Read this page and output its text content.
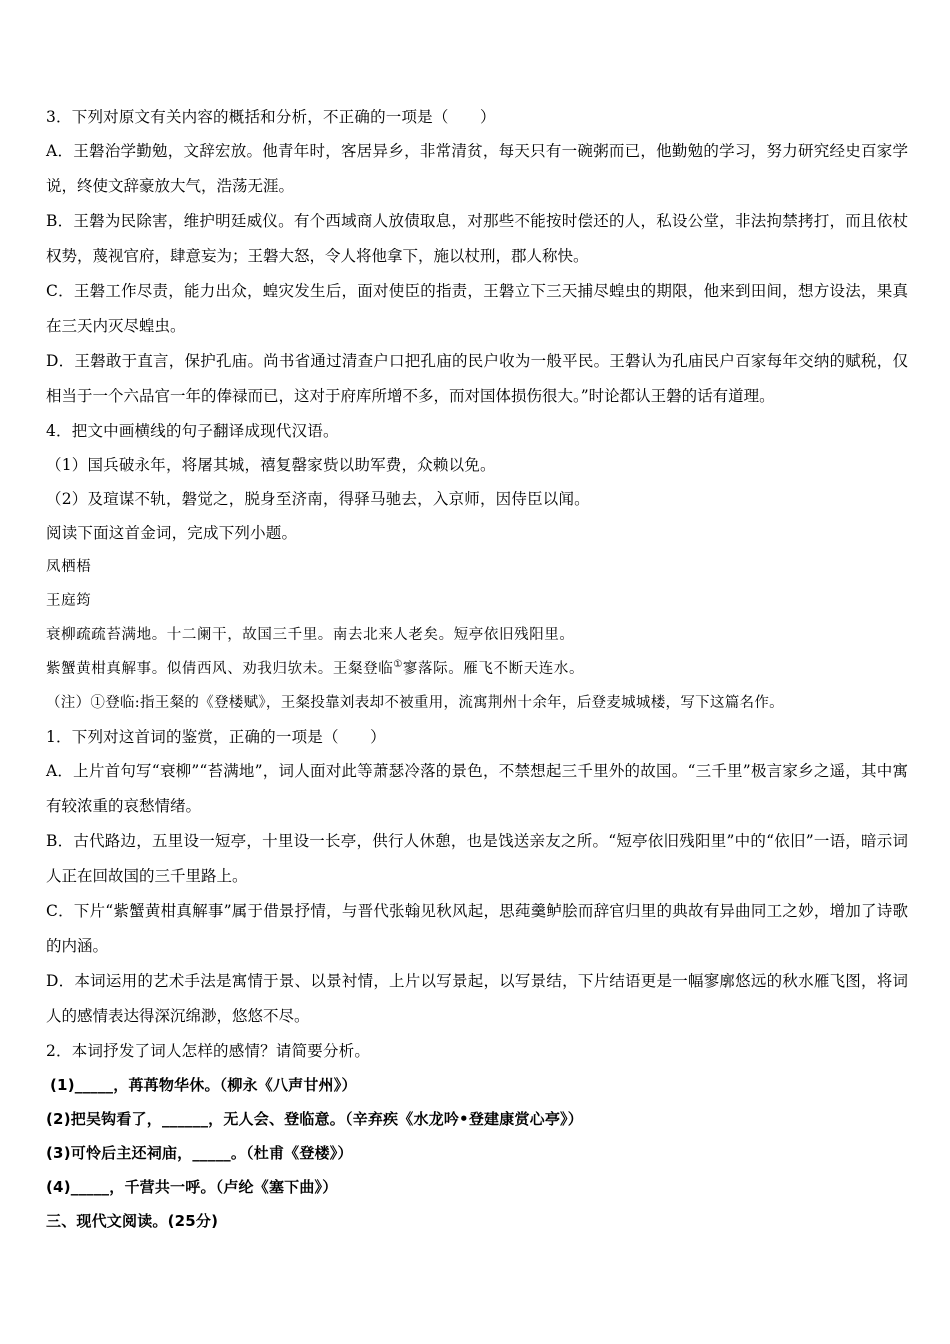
3．下列对原文有关内容的概括和分析，不正确的一项是（　　）
A．王磐治学勤勉，文辞宏放。他青年时，客居异乡，非常清贫，每天只有一碗粥而已，他勤勉的学习，努力研究经史百家学说，终使文辞豪放大气，浩荡无涯。
B．王磐为民除害，维护明廷威仪。有个西域商人放债取息，对那些不能按时偿还的人，私设公堂，非法拘禁拷打，而且依杖权势，蔑视官府，肆意妄为；王磐大怒，令人将他拿下，施以杖刑，郡人称快。
C．王磐工作尽责，能力出众，蝗灾发生后，面对使臣的指责，王磐立下三天捕尽蝗虫的期限，他来到田间，想方设法，果真在三天内灭尽蝗虫。
D．王磐敢于直言，保护孔庙。尚书省通过清查户口把孔庙的民户收为一般平民。王磐认为孔庙民户百家每年交纳的赋税，仅相当于一个六品官一年的俸禄而已，这对于府库所增不多，而对国体损伤很大。”时论都认王磐的话有道理。
4．把文中画横线的句子翻译成现代汉语。
（1）国兵破永年，将屠其城，禧复罄家赀以助军费，众赖以免。
（2）及瑄谋不轨，磐觉之，脱身至济南，得驿马驰去，入京师，因侍臣以闻。
阅读下面这首金词，完成下列小题。
凤栖梧
王庭筠
衰柳疏疏苔满地。十二阑干，故国三千里。南去北来人老矣。短亭依旧残阳里。
紫蟹黄柑真解事。似倩西风、劝我归欤未。王粲登临①寥落际。雁飞不断天连水。
（注）①登临:指王粲的《登楼赋》，王粲投靠刘表却不被重用，流寓荆州十余年，后登麦城城楼，写下这篇名作。
1．下列对这首词的鉴赏，正确的一项是（　　）
A．上片首句写“衰柳”“苔满地”，词人面对此等萧瑟冷落的景色，不禁想起三千里外的故国。“三千里”极言家乡之遥，其中寓有较浓重的哀愁情绪。
B．古代路边，五里设一短亭，十里设一长亭，供行人休憩，也是饯送亲友之所。“短亭依旧残阳里”中的“依旧”一语，暗示词人正在回故国的三千里路上。
C．下片“紫蟹黄柑真解事”属于借景抒情，与晋代张翰见秋风起，思莼羹鲈脍而辞官归里的典故有异曲同工之妙，增加了诗歌的内涵。
D．本词运用的艺术手法是寓情于景、以景衬情，上片以写景起，以写景结，下片结语更是一幅寥廓悠远的秋水雁飞图，将词人的感情表达得深沉绵渺，悠悠不尽。
2．本词抒发了词人怎样的感情？请简要分析。
(1)_____，苒苒物华休。（柳永《八声甘州》）
(2)把吴钩看了，______，无人会、登临意。（辛弃疾《水龙吟•登建康赏心亭》）
(3)可怜后主还祠庙，_____。（杜甫《登楼》）
(4)_____，千营共一呼。（卢纶《塞下曲》）
三、现代文阅读。(25分)
